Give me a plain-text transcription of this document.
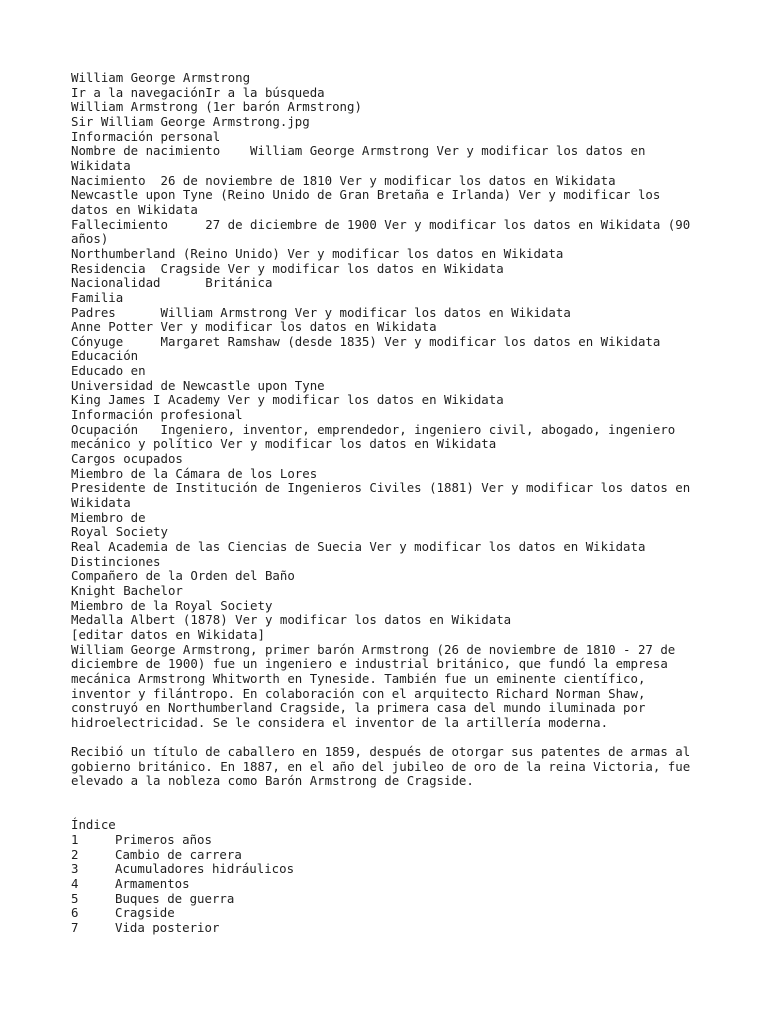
William George Armstrong
Ir a la navegaciónIr a la búsqueda
William Armstrong (1er barón Armstrong)
Sir William George Armstrong.jpg
Información personal
Nombre de nacimiento    William George Armstrong Ver y modificar los datos en Wikidata
Nacimiento  26 de noviembre de 1810 Ver y modificar los datos en Wikidata
Newcastle upon Tyne (Reino Unido de Gran Bretaña e Irlanda) Ver y modificar los datos en Wikidata
Fallecimiento     27 de diciembre de 1900 Ver y modificar los datos en Wikidata (90 años)
Northumberland (Reino Unido) Ver y modificar los datos en Wikidata
Residencia  Cragside Ver y modificar los datos en Wikidata
Nacionalidad      Británica
Familia
Padres      William Armstrong Ver y modificar los datos en Wikidata
Anne Potter Ver y modificar los datos en Wikidata
Cónyuge     Margaret Ramshaw (desde 1835) Ver y modificar los datos en Wikidata
Educación
Educado en
Universidad de Newcastle upon Tyne
King James I Academy Ver y modificar los datos en Wikidata
Información profesional
Ocupación   Ingeniero, inventor, emprendedor, ingeniero civil, abogado, ingeniero mecánico y político Ver y modificar los datos en Wikidata
Cargos ocupados
Miembro de la Cámara de los Lores
Presidente de Institución de Ingenieros Civiles (1881) Ver y modificar los datos en Wikidata
Miembro de
Royal Society
Real Academia de las Ciencias de Suecia Ver y modificar los datos en Wikidata
Distinciones
Compañero de la Orden del Baño
Knight Bachelor
Miembro de la Royal Society
Medalla Albert (1878) Ver y modificar los datos en Wikidata
[editar datos en Wikidata]
William George Armstrong, primer barón Armstrong (26 de noviembre de 1810 - 27 de diciembre de 1900) fue un ingeniero e industrial británico, que fundó la empresa mecánica Armstrong Whitworth en Tyneside. También fue un eminente científico, inventor y filántropo. En colaboración con el arquitecto Richard Norman Shaw, construyó en Northumberland Cragside, la primera casa del mundo iluminada por hidroelectricidad. Se le considera el inventor de la artillería moderna.
Recibió un título de caballero en 1859, después de otorgar sus patentes de armas al gobierno británico. En 1887, en el año del jubileo de oro de la reina Victoria, fue elevado a la nobleza como Barón Armstrong de Cragside.
Índice
1	Primeros años
2	Cambio de carrera
3	Acumuladores hidráulicos
4	Armamentos
5	Buques de guerra
6	Cragside
7	Vida posterior
